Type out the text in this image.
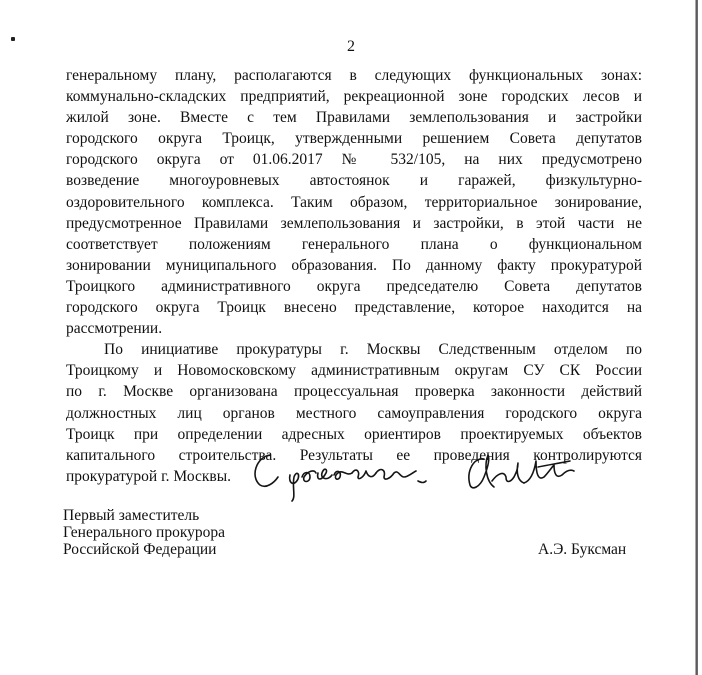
2
генеральному плану, располагаются в следующих функциональных зонах:
коммунально-складских предприятий, рекреационной зоне городских лесов и
жилой зоне. Вместе с тем Правилами землепользования и застройки
городского округа Троицк, утвержденными решением Совета депутатов
городского округа от 01.06.2017 № 532/105, на них предусмотрено
возведение многоуровневых автостоянок и гаражей, физкультурно-
оздоровительного комплекса. Таким образом, территориальное зонирование,
предусмотренное Правилами землепользования и застройки, в этой части не
соответствует положениям генерального плана о функциональном
зонировании муниципального образования. По данному факту прокуратурой
Троицкого административного округа председателю Совета депутатов
городского округа Троицк внесено представление, которое находится на
рассмотрении.
По инициативе прокуратуры г. Москвы Следственным отделом по
Троицкому и Новомосковскому административным округам СУ СК России
по г. Москве организована процессуальная проверка законности действий
должностных лиц органов местного самоуправления городского округа
Троицк при определении адресных ориентиров проектируемых объектов
капитального строительства. Результаты ее проведения контролируются
прокуратурой г. Москвы.
Первый заместитель
Генерального прокурора
Российской Федерации	А.Э. Буксман
